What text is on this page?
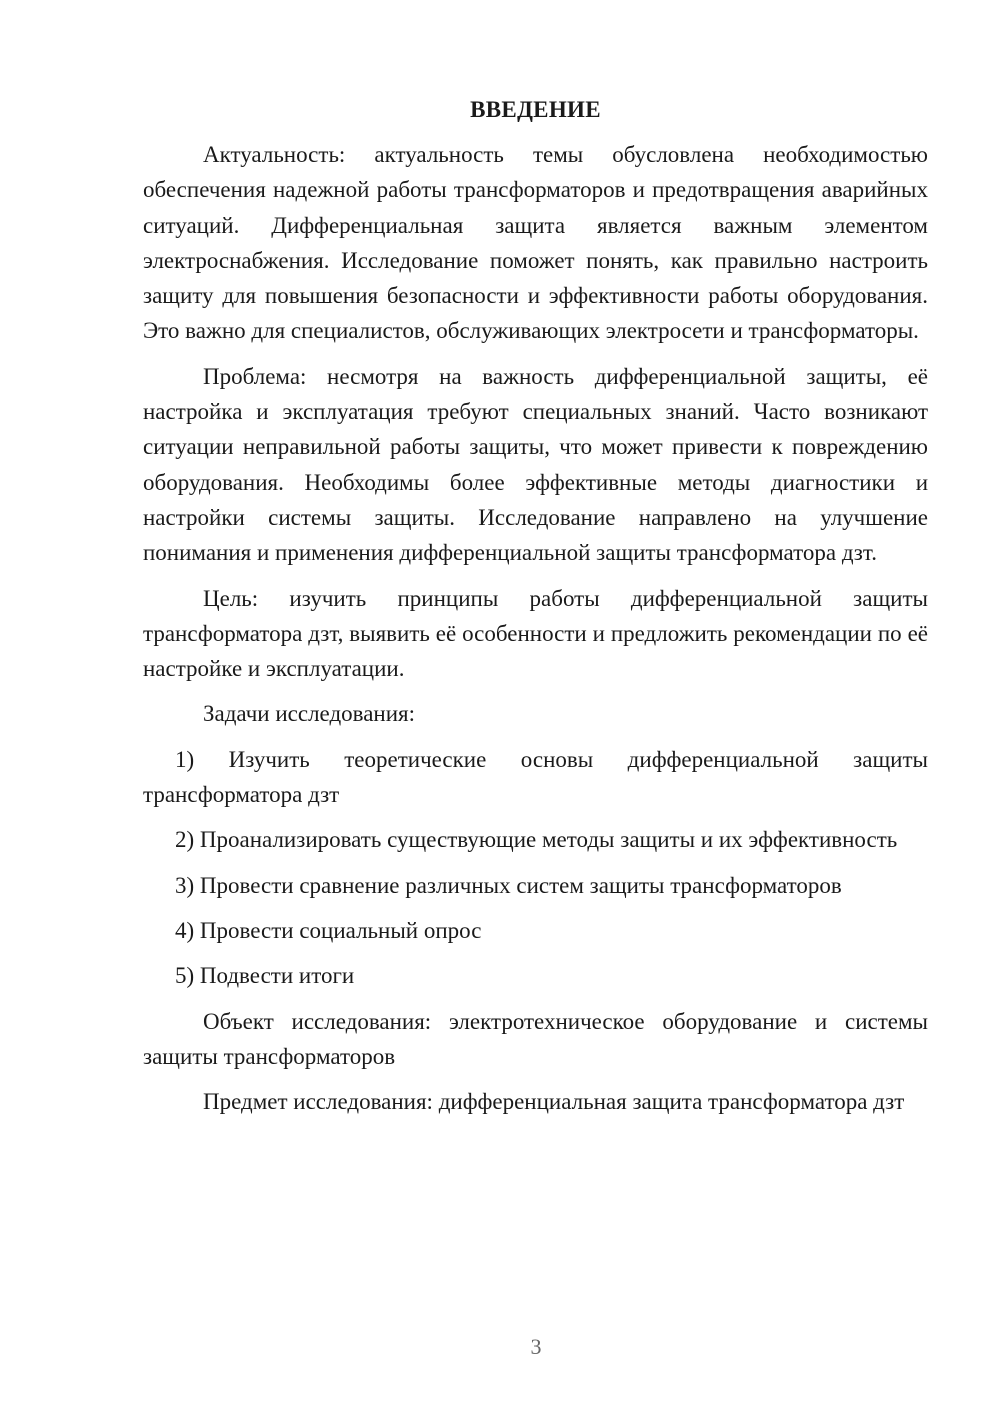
ВВЕДЕНИЕ

Актуальность: актуальность темы обусловлена необходимостью обеспечения надежной работы трансформаторов и предотвращения аварийных ситуаций. Дифференциальная защита является важным элементом электроснабжения. Исследование поможет понять, как правильно настроить защиту для повышения безопасности и эффективности работы оборудования. Это важно для специалистов, обслуживающих электросети и трансформаторы.

Проблема: несмотря на важность дифференциальной защиты, её настройка и эксплуатация требуют специальных знаний. Часто возникают ситуации неправильной работы защиты, что может привести к повреждению оборудования. Необходимы более эффективные методы диагностики и настройки системы защиты. Исследование направлено на улучшение понимания и применения дифференциальной защиты трансформатора дзт.

Цель: изучить принципы работы дифференциальной защиты трансформатора дзт, выявить её особенности и предложить рекомендации по её настройке и эксплуатации.

Задачи исследования:

1) Изучить теоретические основы дифференциальной защиты трансформатора дзт

2) Проанализировать существующие методы защиты и их эффективность

3) Провести сравнение различных систем защиты трансформаторов

4) Провести социальный опрос

5) Подвести итоги

Объект исследования: электротехническое оборудование и системы защиты трансформаторов

Предмет исследования: дифференциальная защита трансформатора дзт

3
